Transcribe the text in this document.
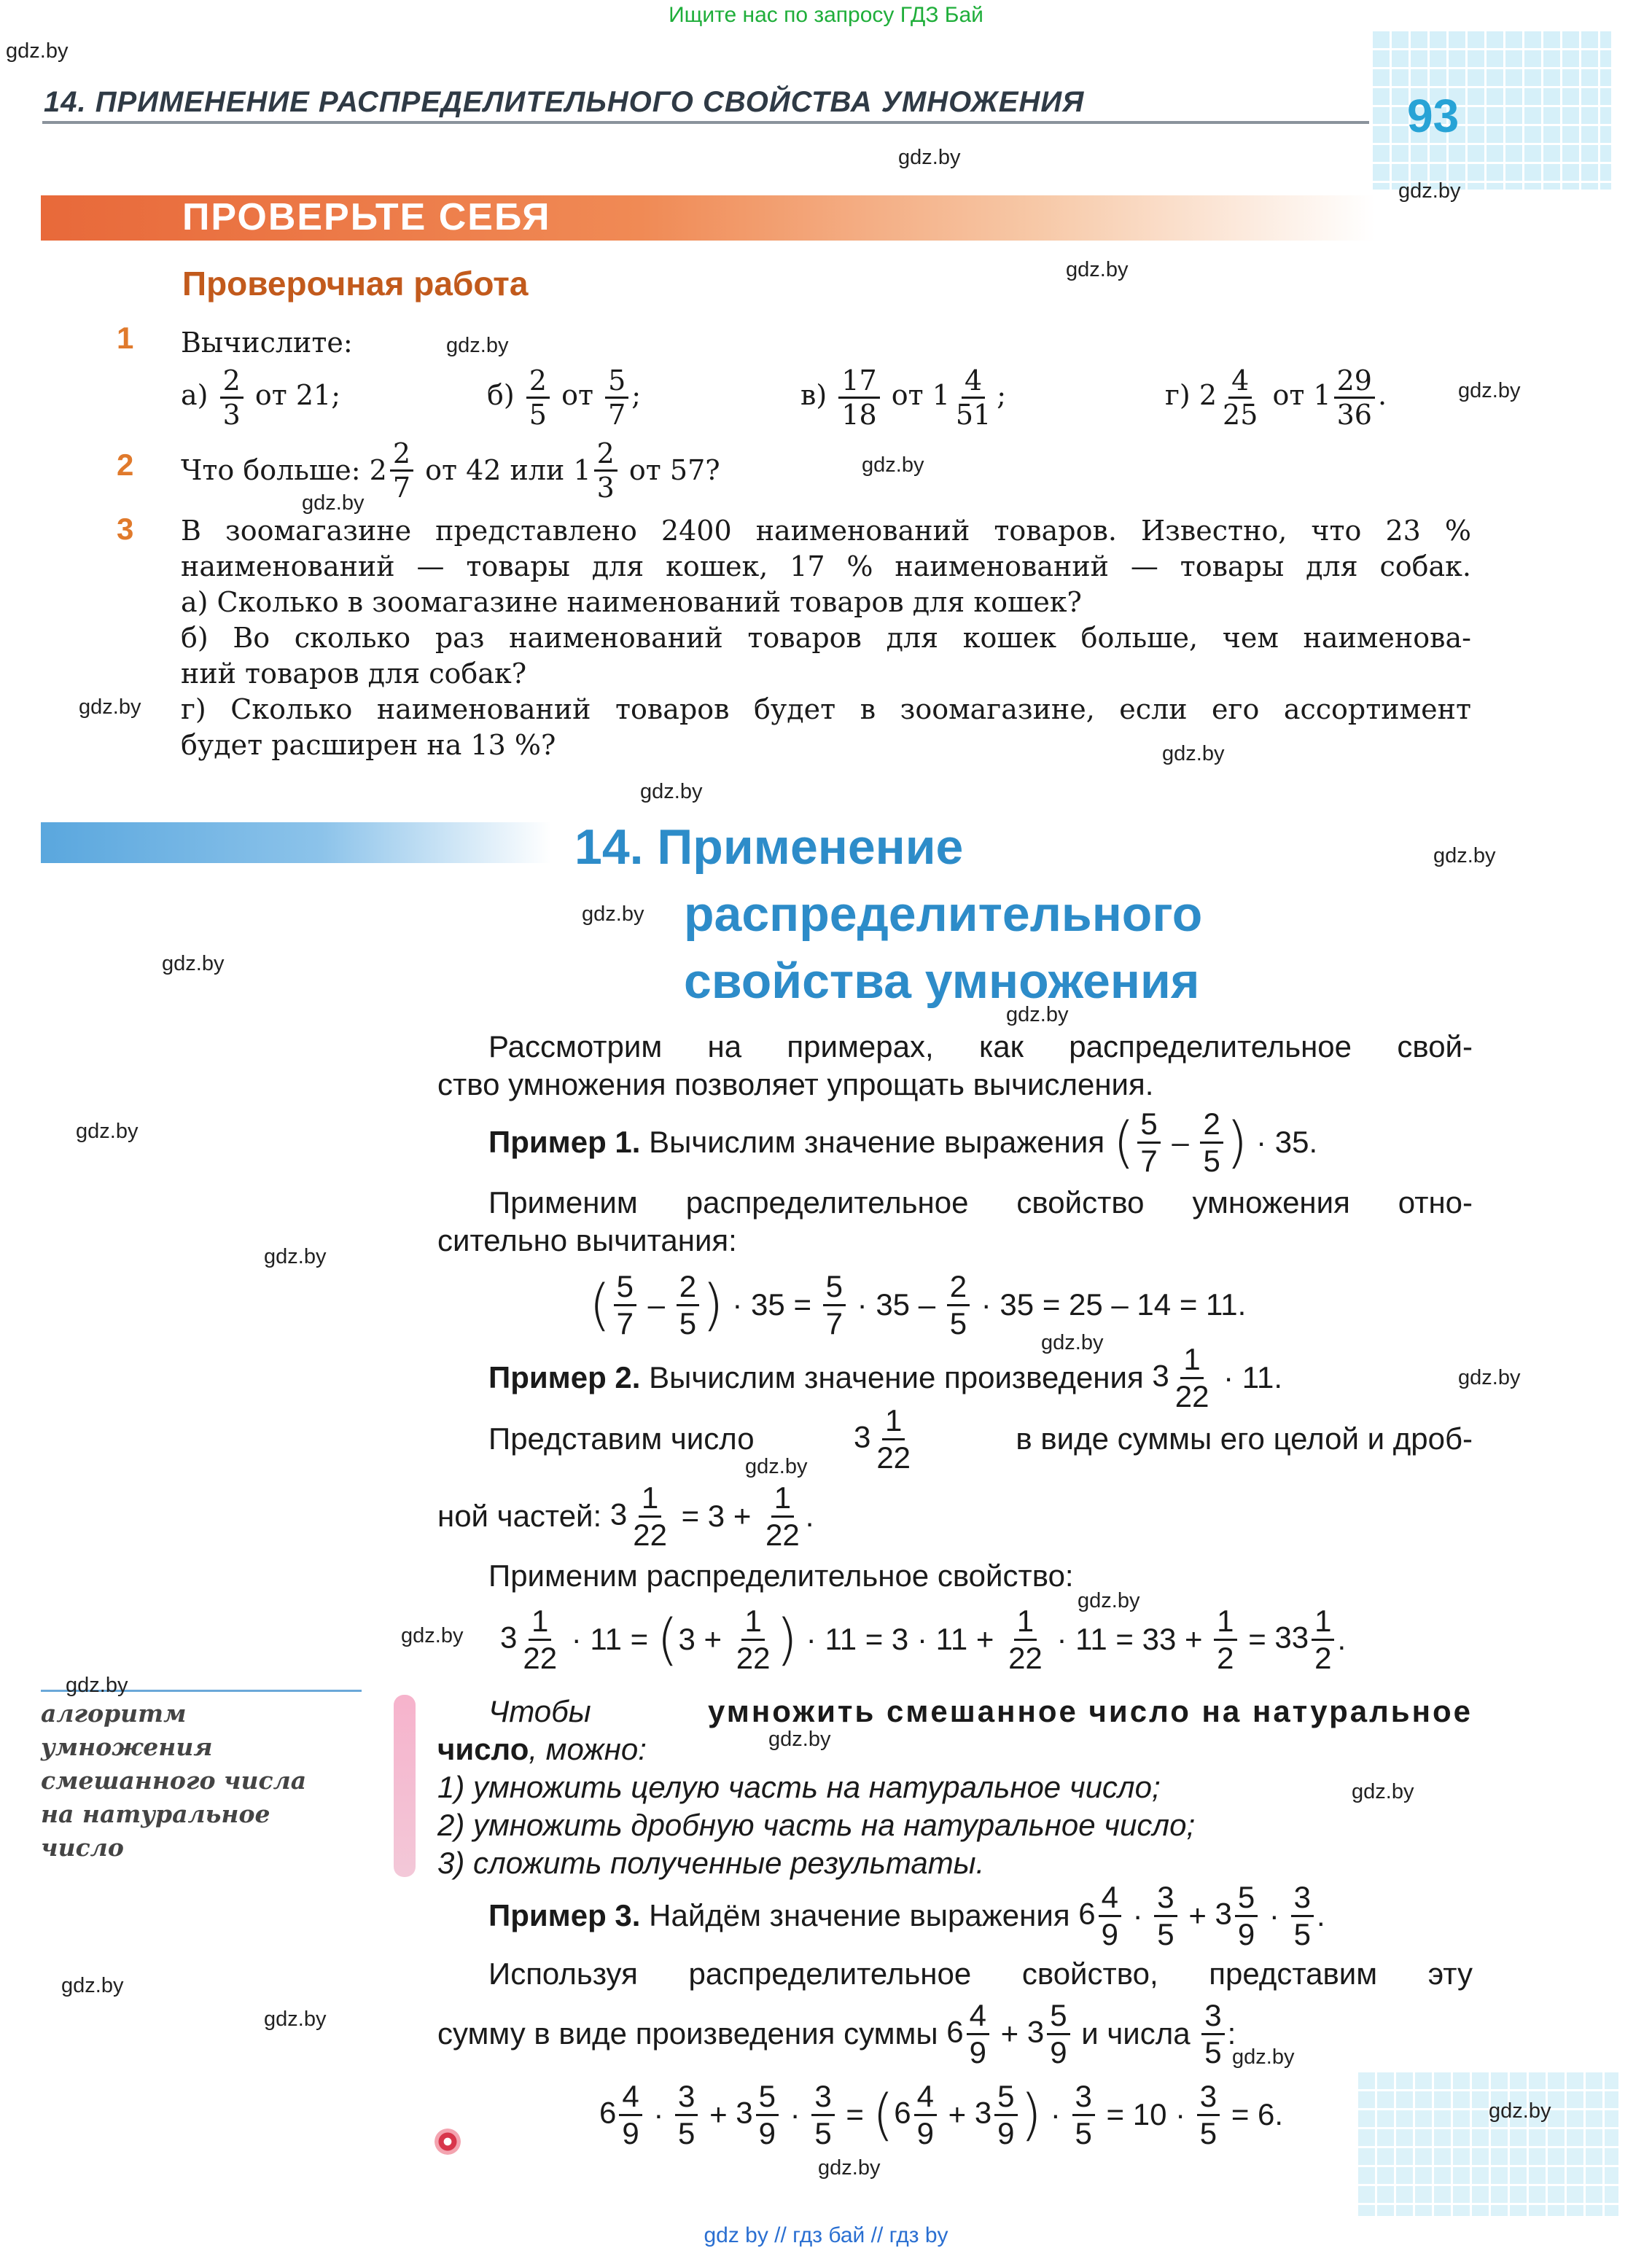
Ищите нас по запросу ГДЗ Бай
gdz by // гдз бай // гдз by
14. ПРИМЕНЕНИЕ РАСПРЕДЕЛИТЕЛЬНОГО СВОЙСТВА УМНОЖЕНИЯ	93
ПРОВЕРЬТЕ СЕБЯ
Проверочная работа
1 Вычислите:
$а) \frac{2}{3}$ от 21;	$б) \frac{2}{5}$ от $\frac{5}{7}$ ;	$в) \frac{17}{18}$ от $1 \frac{4}{51}$ ;	г) $2 \frac{4}{25}$ от $1 \frac{29}{36}$ .
2 Что больше:
$2 \frac{2}{7}$
от 42 или
$1 \frac{2}{3}$
от 57?
3 В зоомагазине представлено 2400 наименований товаров. Известно, что 23 %
наименований — товары для кошек, 17 % наименований — товары для собак.
а) Сколько в зоомагазине наименований товаров для кошек?
б) Во сколько раз наименований товаров для кошек больше, чем наименова-
ний товаров для собак?
г) Сколько наименований товаров будет в зоомагазине, если его ассортимент
будет расширен на 13 %?
14. Применение
распределительного
свойства умножения
Рассмотрим на примерах, как распределительное свой-
ство умножения позволяет упрощать вычисления.
Пример 1.
Вычислим значение выражения
( $\frac{5}{7} - \frac{2}{5}$ )
· 35.
Применим распределительное свойство умножения отно-
сительно вычитания:
( $\frac{5}{7} - \frac{2}{5}$ ) · $35 = \frac{5}{7} \cdot 35 - \frac{2}{5}$
· 35 = 25 – 14 = 11.
Пример 2.
Вычислим значение произведения
$3 \frac{1}{22}$
· 11.
Представим число	$3 \frac{1}{22}$	в виде суммы его целой и дроб-
ной частей:
$3 \frac{1}{22} = 3 + \frac{1}{22}$ .
Применим распределительное свойство:
$3 \frac{1}{22} \cdot 11$ = ( $3 + \frac{1}{22}$ ) · $11 = 3 \cdot 11 + \frac{1}{22} \cdot 11 = 33 + \frac{1}{2} = 33 \frac{1}{2}$ .
алгоритм
умножения
смешанного числа
на натуральное
число
Чтобы	умножить смешанное число на натуральное
число, можно:
1) умножить целую часть на натуральное число;
2) умножить дробную часть на натуральное число;
3) сложить полученные результаты.
Пример 3.
Найдём значение выражения
$6 \frac{4}{9} \cdot \frac{3}{5} + 3 \frac{5}{9} \cdot \frac{3}{5}$ .
Используя распределительное свойство, представим эту
сумму в виде произведения суммы
$6 \frac{4}{9} + 3 \frac{5}{9}$
и числа
$\frac{3}{5}$ :
$6 \frac{4}{9} \cdot \frac{3}{5} + 3 \frac{5}{9} \cdot \frac{3}{5}$ = ( $6 \frac{4}{9} + 3 \frac{5}{9}$ ) · $\frac{3}{5}$
= 10 ·
$\frac{3}{5}$
= 6.
gdz.by
gdz.by
gdz.by
gdz.by
gdz.by
gdz.by
gdz.by
gdz.by
gdz.by
gdz.by
gdz.by
gdz.by
gdz.by
gdz.by
gdz.by
gdz.by
gdz.by
gdz.by
gdz.by
gdz.by
gdz.by
gdz.by
gdz.by
gdz.by
gdz.by
gdz.by
gdz.by
gdz.by
gdz.by
gdz.by
